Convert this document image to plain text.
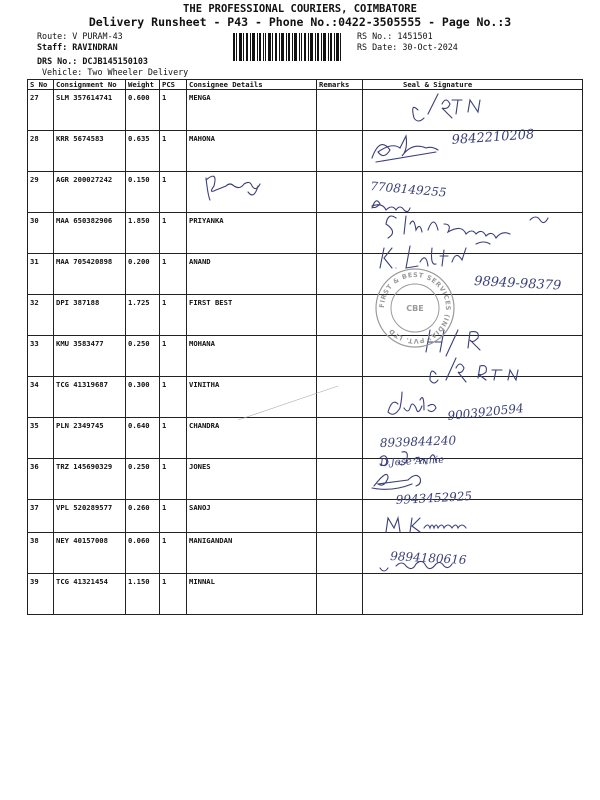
THE PROFESSIONAL COURIERS, COIMBATORE
Delivery Runsheet - P43 - Phone No.:0422-3505555 - Page No.:3
Route: V PURAM-43
Staff: RAVINDRAN
DRS No.: DCJB145150103
Vehicle: Two Wheeler Delivery
RS No.: 1451501
RS Date: 30-Oct-2024
S No	Consignment No	Weight	PCS	Consignee Details	Remarks	Seal & Signature
27	SLM 357614741	0.600	1	MENGA		
28	KRR 5674583	0.635	1	MAHONA		
29	AGR 200027242	0.150	1			
30	MAA 650382906	1.850	1	PRIYANKA		
31	MAA 705420898	0.200	1	ANAND		
32	DPI 387188	1.725	1	FIRST BEST		
33	KMU 3583477	0.250	1	MOHANA		
34	TCG 41319687	0.300	1	VINITHA		
35	PLN 2349745	0.640	1	CHANDRA		
36	TRZ 145690329	0.250	1	JONES		
37	VPL 520289577	0.260	1	SANOJ		
38	NEY 40157008	0.060	1	MANIGANDAN		
39	TCG 41321454	1.150	1	MINNAL		
9842210208
7708149255
98949-98379
9003920594
8939844240
D.Jose Annie
9943452925
9894180616
FIRST & BEST SERVICES (INDIA) PVT. LTD
CBE
